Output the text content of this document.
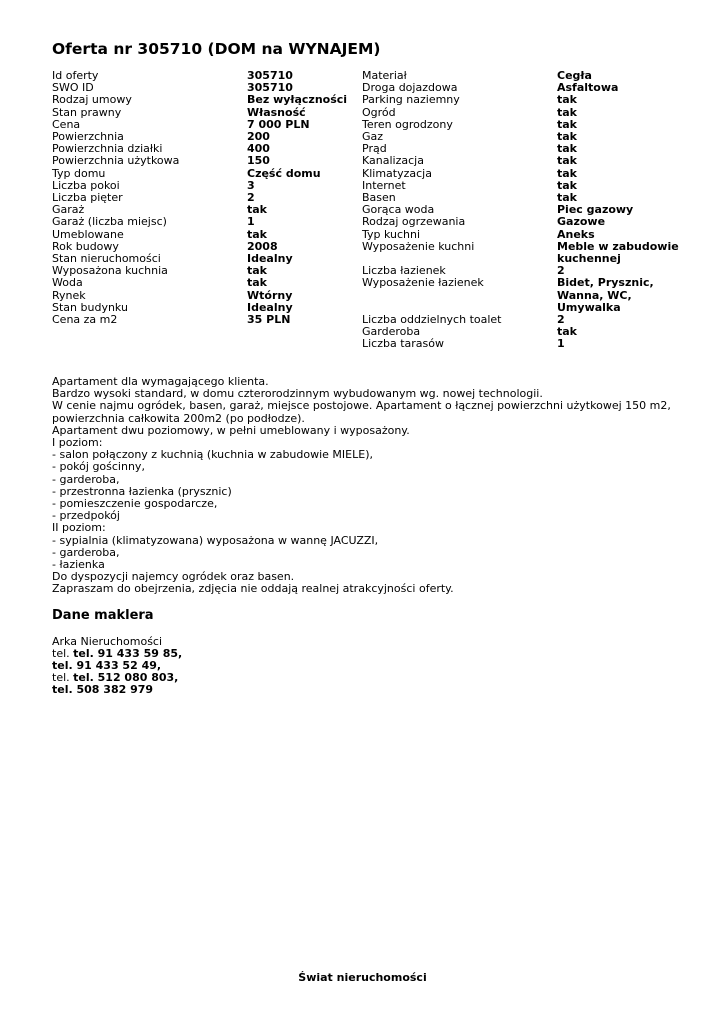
Oferta nr 305710 (DOM na WYNAJEM)
Id oferty	305710
SWO ID	305710
Rodzaj umowy	Bez wyłączności
Stan prawny	Własność
Cena	7 000 PLN
Powierzchnia	200
Powierzchnia działki	400
Powierzchnia użytkowa	150
Typ domu	Część domu
Liczba pokoi	3
Liczba pięter	2
Garaż	tak
Garaż (liczba miejsc)	1
Umeblowane	tak
Rok budowy	2008
Stan nieruchomości	Idealny
Wyposażona kuchnia	tak
Woda	tak
Rynek	Wtórny
Stan budynku	Idealny
Cena za m2	35 PLN
Materiał	Cegła
Droga dojazdowa	Asfaltowa
Parking naziemny	tak
Ogród	tak
Teren ogrodzony	tak
Gaz	tak
Prąd	tak
Kanalizacja	tak
Klimatyzacja	tak
Internet	tak
Basen	tak
Gorąca woda	Piec gazowy
Rodzaj ogrzewania	Gazowe
Typ kuchni	Aneks
Wyposażenie kuchni	Meble w zabudowie kuchennej
Liczba łazienek	2
Wyposażenie łazienek	Bidet, Prysznic, Wanna, WC, Umywalka
Liczba oddzielnych toalet	2
Garderoba	tak
Liczba tarasów	1
Apartament dla wymagającego klienta.
Bardzo wysoki standard, w domu czterorodzinnym wybudowanym wg. nowej technologii.
W cenie najmu ogródek, basen, garaż, miejsce postojowe. Apartament o łącznej powierzchni użytkowej 150 m2, powierzchnia całkowita 200m2 (po podłodze).
Apartament dwu poziomowy, w pełni umeblowany i wyposażony.
I poziom:
- salon połączony z kuchnią (kuchnia w zabudowie MIELE),
- pokój gościnny,
- garderoba,
- przestronna łazienka (prysznic)
- pomieszczenie gospodarcze,
- przedpokój
II poziom:
- sypialnia (klimatyzowana) wyposażona w wannę JACUZZI,
- garderoba,
- łazienka
Do dyspozycji najemcy ogródek oraz basen.
Zapraszam do obejrzenia, zdjęcia nie oddają realnej atrakcyjności oferty.
Dane maklera
Arka Nieruchomości
tel. tel. 91 433 59 85,
tel. 91 433 52 49,
tel. tel. 512 080 803,
tel. 508 382 979
Świat nieruchomości
